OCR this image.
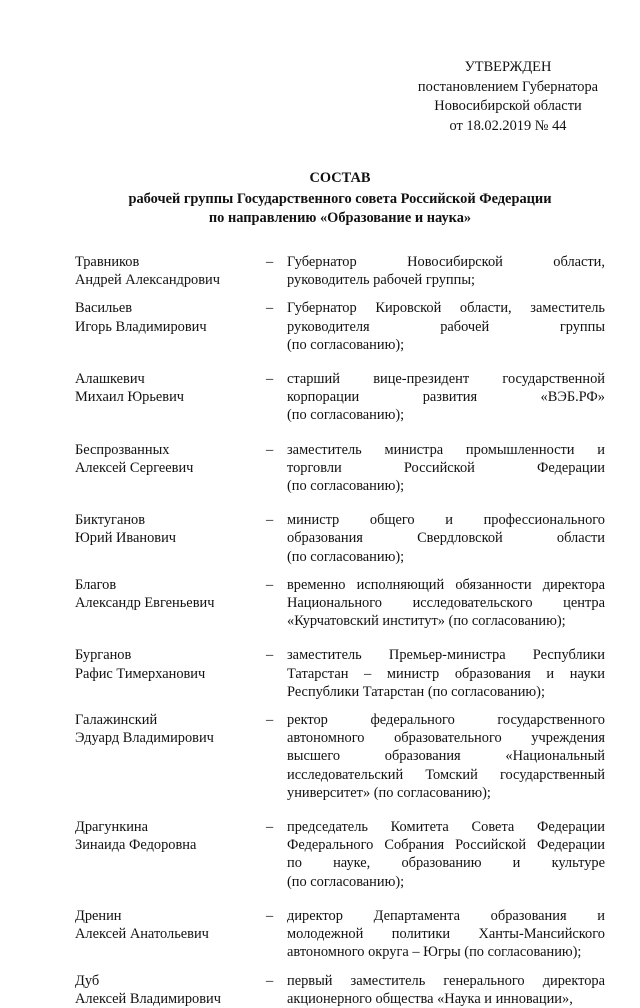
УТВЕРЖДЕН
постановлением Губернатора
Новосибирской области
от 18.02.2019 № 44
СОСТАВ
рабочей группы Государственного совета Российской Федерации
по направлению «Образование и наука»
Травников
Андрей Александрович
– Губернатор Новосибирской области,
руководитель рабочей группы;
Васильев
Игорь Владимирович
– Губернатор Кировской области, заместитель
руководителя рабочей группы
(по согласованию);
Алашкевич
Михаил Юрьевич
– старший вице-президент государственной
корпорации развития «ВЭБ.РФ»
(по согласованию);
Беспрозванных
Алексей Сергеевич
– заместитель министра промышленности и
торговли Российской Федерации
(по согласованию);
Биктуганов
Юрий Иванович
– министр общего и профессионального
образования Свердловской области
(по согласованию);
Благов
Александр Евгеньевич
– временно исполняющий обязанности директора
Национального исследовательского центра
«Курчатовский институт» (по согласованию);
Бурганов
Рафис Тимерханович
– заместитель Премьер-министра Республики
Татарстан – министр образования и науки
Республики Татарстан (по согласованию);
Галажинский
Эдуард Владимирович
– ректор федерального государственного
автономного образовательного учреждения
высшего образования «Национальный
исследовательский Томский государственный
университет» (по согласованию);
Драгункина
Зинаида Федоровна
– председатель Комитета Совета Федерации
Федерального Собрания Российской Федерации
по науке, образованию и культуре
(по согласованию);
Дренин
Алексей Анатольевич
– директор Департамента образования и
молодежной политики Ханты-Мансийского
автономного округа – Югры (по согласованию);
Дуб
Алексей Владимирович
– первый заместитель генерального директора
акционерного общества «Наука и инновации»,
